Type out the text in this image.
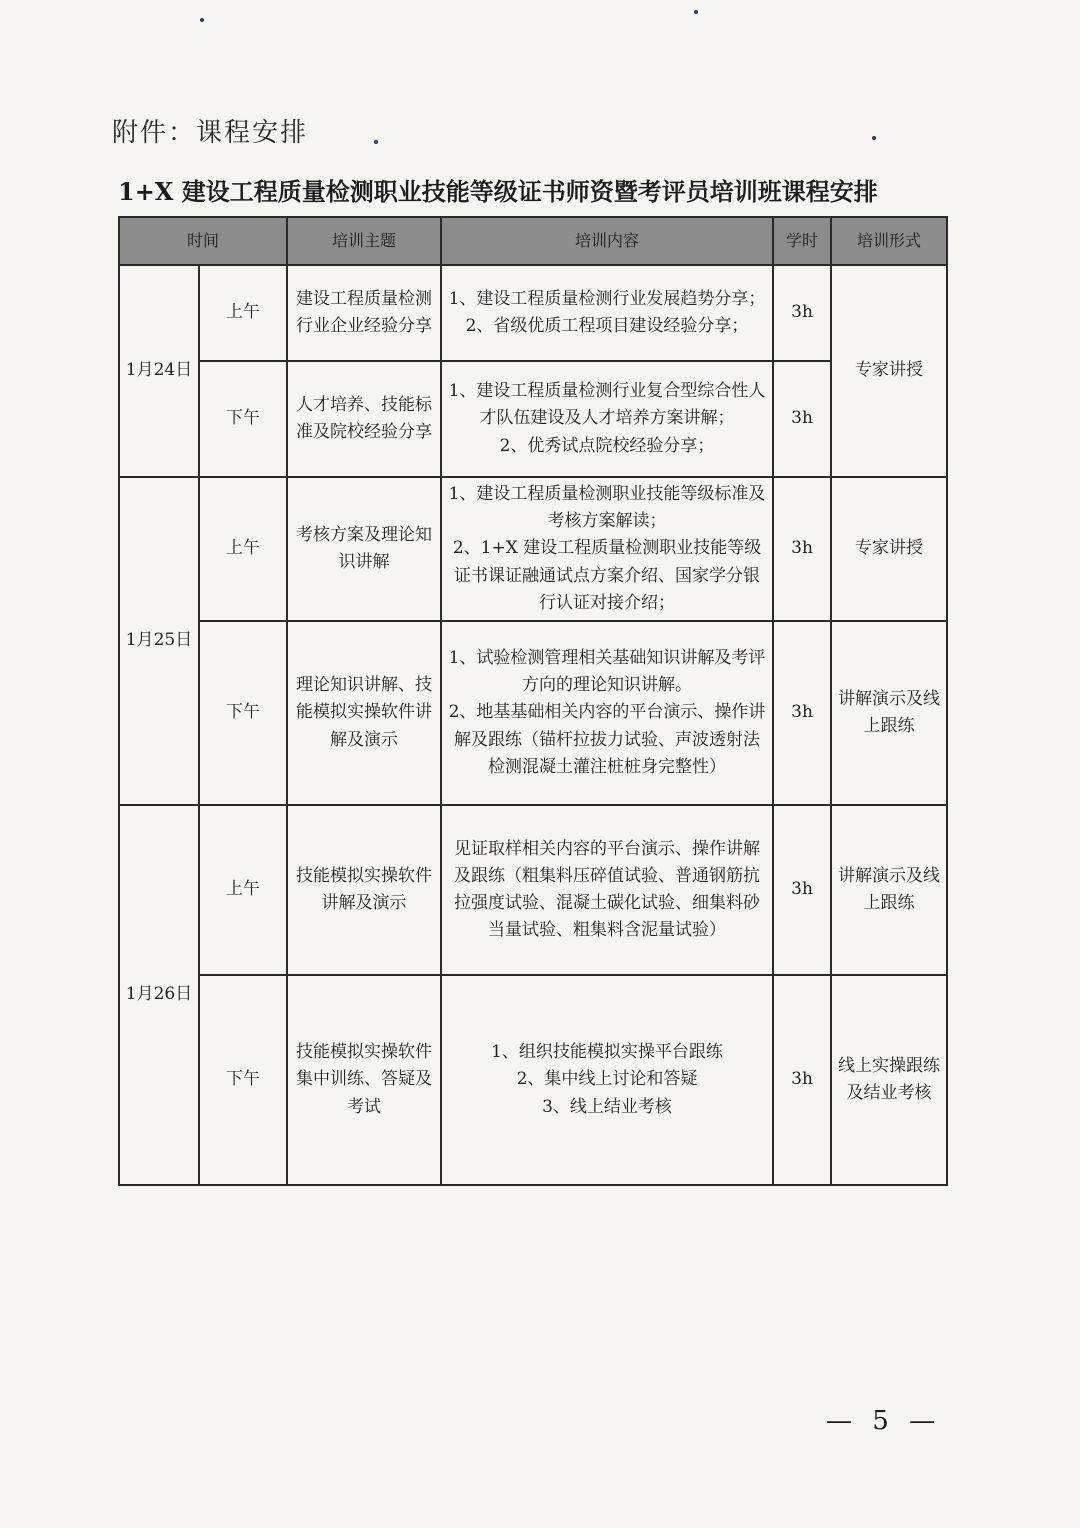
附件：课程安排
1+X 建设工程质量检测职业技能等级证书师资暨考评员培训班课程安排
时间		培训主题	培训内容	学时	培训形式
1月24日	上午	建设工程质量检测行业企业经验分享	1、建设工程质量检测行业发展趋势分享；
2、省级优质工程项目建设经验分享；	3h	专家讲授
	下午	人才培养、技能标准及院校经验分享	1、建设工程质量检测行业复合型综合性人才队伍建设及人才培养方案讲解；
2、优秀试点院校经验分享；	3h	
1月25日	上午	考核方案及理论知识讲解	1、建设工程质量检测职业技能等级标准及考核方案解读；
2、1+X 建设工程质量检测职业技能等级证书课证融通试点方案介绍、国家学分银行认证对接介绍；	3h	专家讲授
	下午	理论知识讲解、技能模拟实操软件讲解及演示	1、试验检测管理相关基础知识讲解及考评方向的理论知识讲解。
2、地基基础相关内容的平台演示、操作讲解及跟练（锚杆拉拔力试验、声波透射法检测混凝土灌注桩桩身完整性）	3h	讲解演示及线上跟练
1月26日	上午	技能模拟实操软件讲解及演示	见证取样相关内容的平台演示、操作讲解及跟练（粗集料压碎值试验、普通钢筋抗拉强度试验、混凝土碳化试验、细集料砂当量试验、粗集料含泥量试验）	3h	讲解演示及线上跟练
	下午	技能模拟实操软件集中训练、答疑及考试	1、组织技能模拟实操平台跟练
2、集中线上讨论和答疑
3、线上结业考核	3h	线上实操跟练及结业考核
— 5 —
